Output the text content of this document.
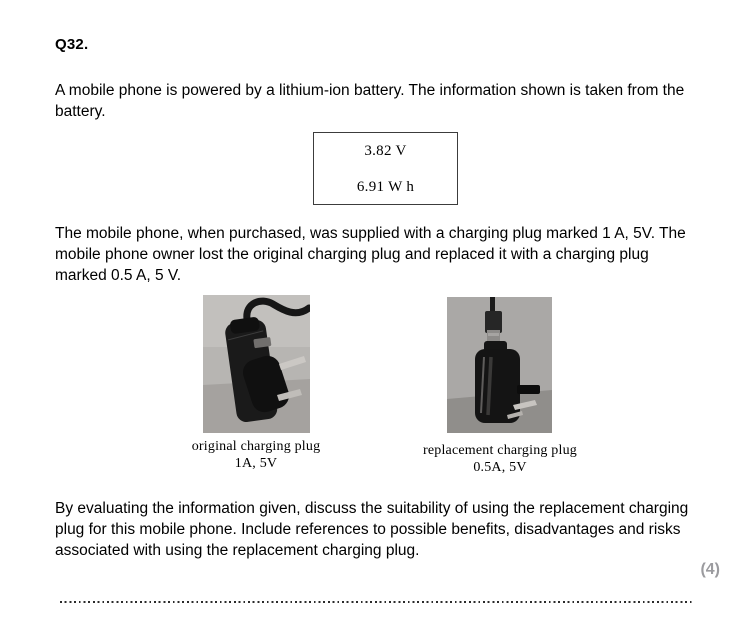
Q32.
A mobile phone is powered by a lithium-ion battery. The information shown is taken from the
battery.
3.82 V
6.91 W h
The mobile phone, when purchased, was supplied with a charging plug marked 1 A, 5V. The
mobile phone owner lost the original charging plug and replaced it with a charging plug
marked 0.5 A, 5 V.
original charging plug
1A, 5V
replacement charging plug
0.5A, 5V
By evaluating the information given, discuss the suitability of using the replacement charging
plug for this mobile phone. Include references to possible benefits, disadvantages and risks
associated with using the replacement charging plug.
(4)
